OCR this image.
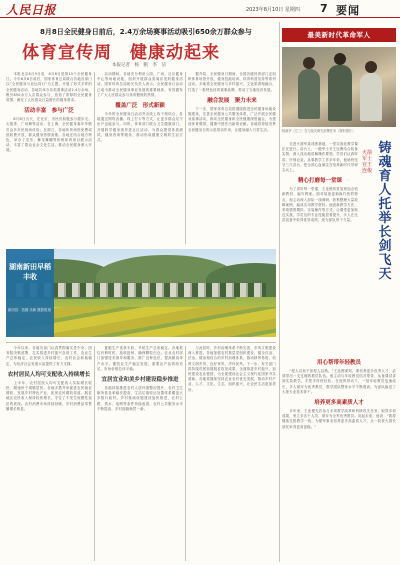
人民日报	2023年8月10日 星期四 7 要闻
8月8日全民健身日前后，2.4万余场赛事活动吸引650余万群众参与
体育宣传周　健康动起来
本报记者　杨　帆　李　洁
　　本报北京8月9日电　8月8日是第15个全民健身日。今年8月8日前后，国家体育总局联合各地各部门以“全民健身与亚运同行”为主题，开展了形式多样的全民健身活动，各地共举办各类赛事活动2.4万余场，吸引650余万人次群众参与，营造了浓厚的全民健身氛围，满足了人民群众日益增长的健身需求。
活动丰富　参与广泛
　　8月8日当天，在北京，市民们积极参与健步走、太极拳、广场舞等活动；在上海，全民健身嘉年华吸引众多市民现场体验；在浙江，各地体育场馆免费或低收费开放，群众健身热情高涨。各地还结合地方特色，举办了龙舟、舞龙舞狮等传统体育项目展示活动，丰富了群众业余文化生活，推动全民健身深入开展。
　　活动期间，各地充分利用公园、广场、社区健身中心等场地设施，组织开展群众喜闻乐见的健身活动。国家体育总局相关负责人表示，全民健身日活动已成为推动全民健身事业发展的重要载体，有效激发了广大人民群众参与体育锻炼的热情。
覆盖广泛　形式新颖
　　今年的全民健身日活动突出线上线下相结合，各地通过网络直播、线上打卡等方式，让更多群众足不出户也能参与。同时，体育部门联合卫生健康部门，开展科学健身指导进社区活动，为群众提供体质测试、健身咨询等服务，推动形成健康文明的生活方式。
　　据介绍，全民健身日期间，全国各级体育部门还组织体育场馆开放、健身技能培训、体育科普宣传等系列活动。多地将全民健身与乡村振兴、文化旅游相融合，打造了一批特色体育赛事品牌，带动了当地经济发展。
融合发展　聚力未来
　　下一步，国家体育总局将继续推进全民健身场地设施建设，完善全民健身公共服务体系，广泛开展全民健身赛事活动，推动全民健身和全民健康深度融合，为建设体育强国、健康中国作出新的贡献。各地将持续发挥全民健身日的示范带动作用，让健身融入日常生活。
湖南新田早稻丰收
新田县：拍摄 乐新 摄影报道
　　今年以来，各地各部门认真贯彻落实党中央、国务院决策部署，扎实推进乡村振兴各项工作，农业生产总体稳定，农民收入持续增长，农村社会和谐稳定，为经济社会发展大局提供了有力支撑。
农村居民人均可支配收入持续增长
　　上半年，农村居民人均可支配收入实际增长较快，增速快于城镇居民。各地多措并举促进农民就业增收，发展乡村特色产业，拓宽农民增收渠道。脱贫地区农民收入保持较快增长，守住了不发生规模性返贫的底线。农村消费市场持续回暖，乡村消费品零售额增长明显。
　　夏粮生产喜获丰收，早稻生产总体稳定。各地抓住有利时机，抢收抢种，确保颗粒归仓。农业农村部门加强技术指导和服务，推广良种良法，提高粮食单产水平。畜牧业生产稳定发展，重要农产品供给充足，市场价格总体平稳。
宜居宜业和美乡村建设稳步推进
　　各地持续推进农村人居环境整治提升，农村卫生厕所普及率稳步提高，生活垃圾收运处置体系覆盖大多数行政村。乡村基础设施建设加快推进，农村公路、供水、电网等条件持续改善，农村公共服务水平不断提高，乡村面貌焕然一新。
　　与此同时，乡村治理体系不断完善，乡风文明建设深入推进。各地加强农村基层党组织建设，健全自治、法治、德治相结合的乡村治理体系，推动移风易俗，培育文明乡风、良好家风、淳朴民风。下一步，有关部门将持续巩固拓展脱贫攻坚成果，全面推进乡村振兴，加快建设农业强国，为全面建设社会主义现代化国家夯实基础。各地将继续坚持农业农村优先发展，推动乡村产业、人才、文化、生态、组织振兴，让农民生活更加美好。
最美新时代革命军人
杨淑亭（左三）在与战友研究部署任务（资料图片）
铸魂育人托举长剑飞天
火箭军士官王连俊
　　走进火箭军某训练基地，一堂实战化教学课正在进行。讲台上，一级军士长王连俊结合装备实物，深入浅出地讲解操作要领，学员们认真听讲、仔细记录。从事教学工作多年来，他始终坚守三尺讲台，把全部心血倾注在培养新时代导弹尖兵上。
精心打磨每一堂课
　　为了讲好每一堂课，王连俊常常加班加点钻研教材、编写教案。面对装备更新换代快的特点，他主动深入部队一线调研，收集整理大量故障案例，编成实用教学资料。他创新教学方法，采取情景模拟、实装操作等方式，让课堂更加贴近实战，学员们的专业技能显著提升，多人在比武竞赛中取得优异成绩，成为部队骨干力量。
用心帮带年轻教员
　　“授人以鱼不如授人以渔。”王连俊深知，要培养更多优秀人才，必须带出一支过硬的教员队伍。他主动与年轻教员结对帮带，从备课试讲到实装教学，手把手传授经验。在他的带动下，一批年轻教员迅速成长，多人被评为优秀教员，教学团队整体水平不断提高，为部队输送了大批专业技术骨干。
培养更多高素质人才
　　多年来，王连俊先后参与多项教学改革和科研攻关任务，取得多项成果，荣立多次个人功，被评为全军优秀教员。谈起未来，他说：“我将继续扎根教学一线，为强军事业培养更多高素质人才，让一枚枚大国长剑托举得更高更稳。”
